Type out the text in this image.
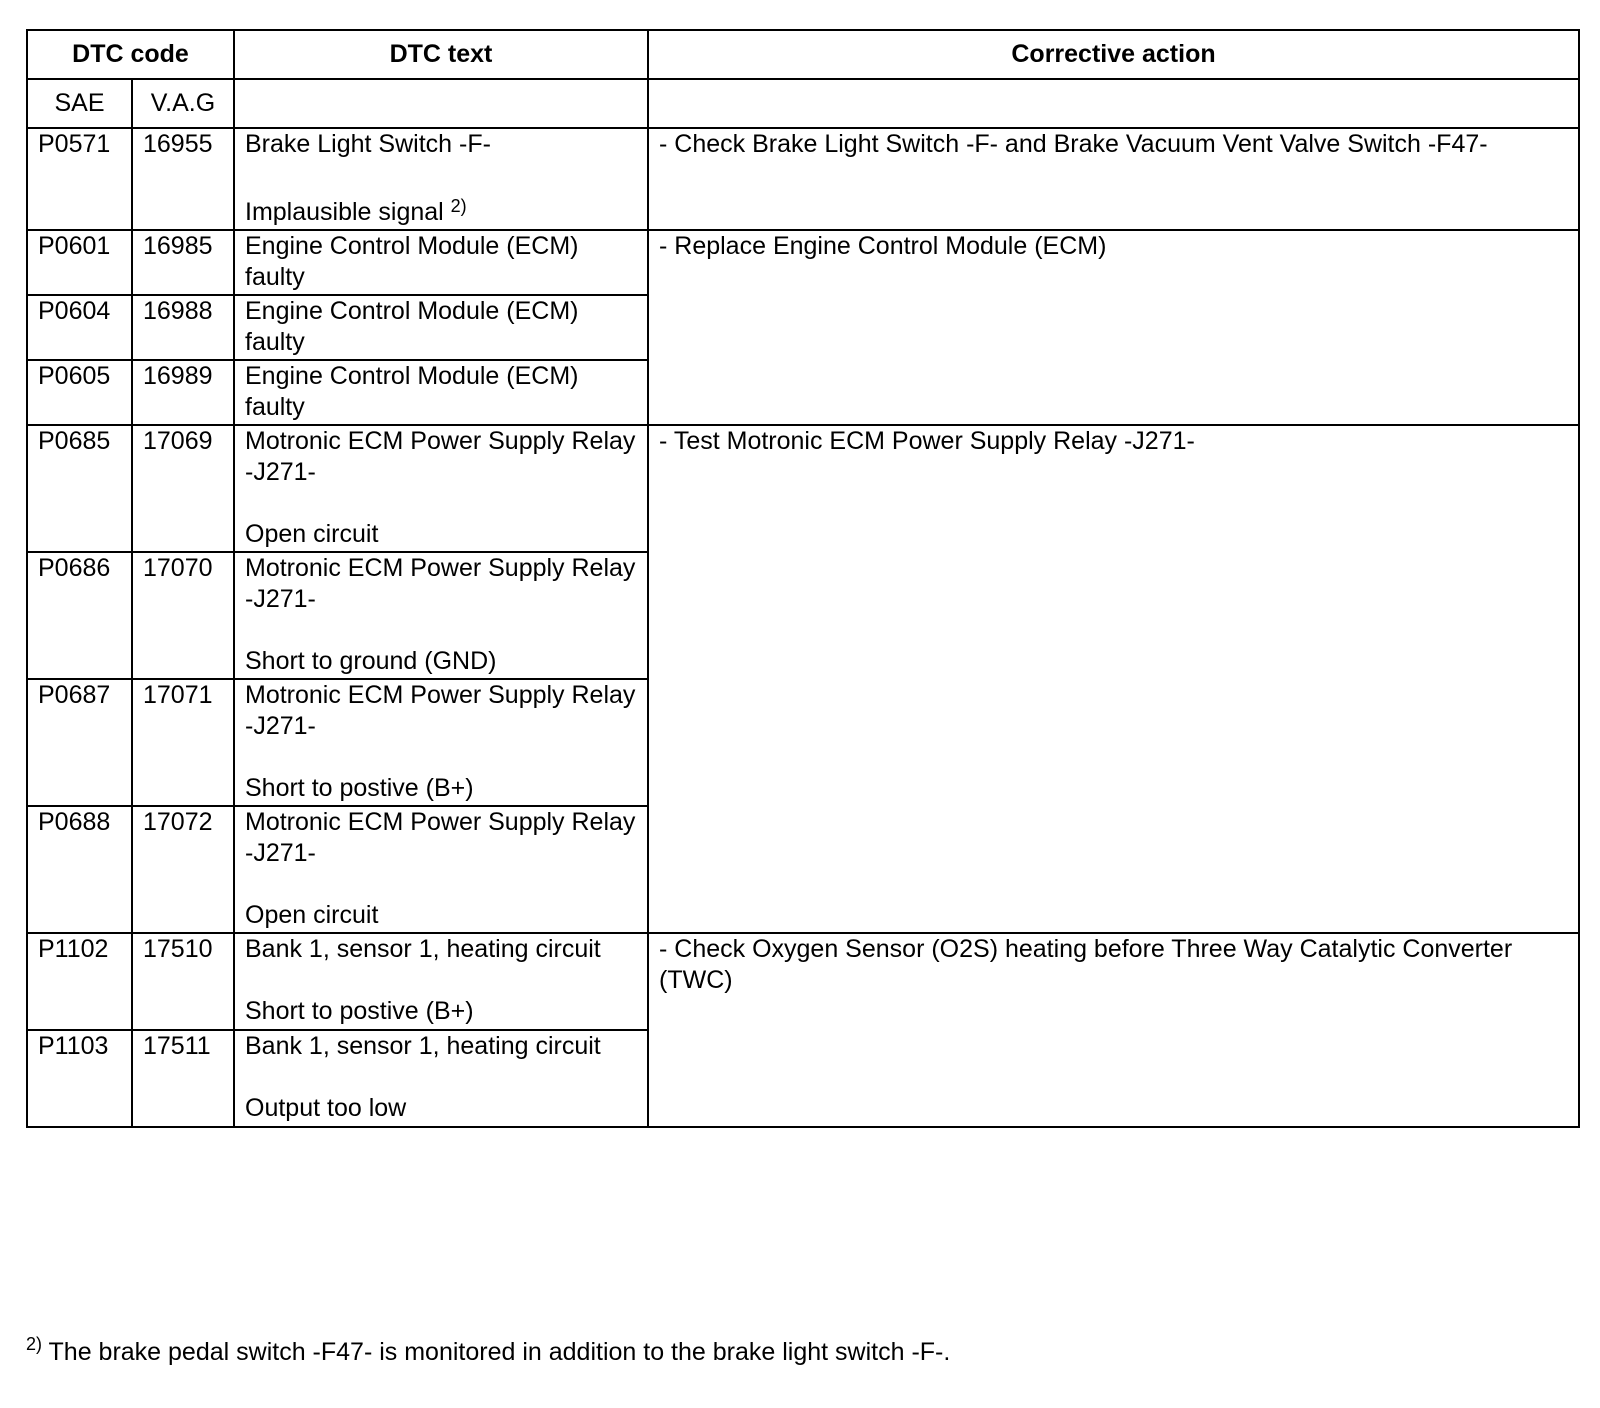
DTC code		DTC text	Corrective action
SAE	V.A.G		
P0571	16955	Brake Light Switch -F-
Implausible signal $^{2)}$	- Check Brake Light Switch -F- and Brake Vacuum Vent Valve Switch -F47-
P0601	16985	Engine Control Module (ECM) faulty	- Replace Engine Control Module (ECM)
P0604	16988	Engine Control Module (ECM) faulty	

P0605	16989	Engine Control Module (ECM) faulty	

P0685	17069	Motronic ECM Power Supply Relay -J271-
Open circuit	- Test Motronic ECM Power Supply Relay -J271-
P0686	17070	Motronic ECM Power Supply Relay -J271-
Short to ground (GND)	

P0687	17071	Motronic ECM Power Supply Relay -J271-
Short to postive (B+)	

P0688	17072	Motronic ECM Power Supply Relay -J271-
Open circuit	

P1102	17510	Bank 1, sensor 1, heating circuit
Short to postive (B+)	- Check Oxygen Sensor (O2S) heating before Three Way Catalytic Converter (TWC)
P1103	17511	Bank 1, sensor 1, heating circuit
Output too low	
$^{2)}$ The brake pedal switch -F47- is monitored in addition to the brake light switch -F-.
